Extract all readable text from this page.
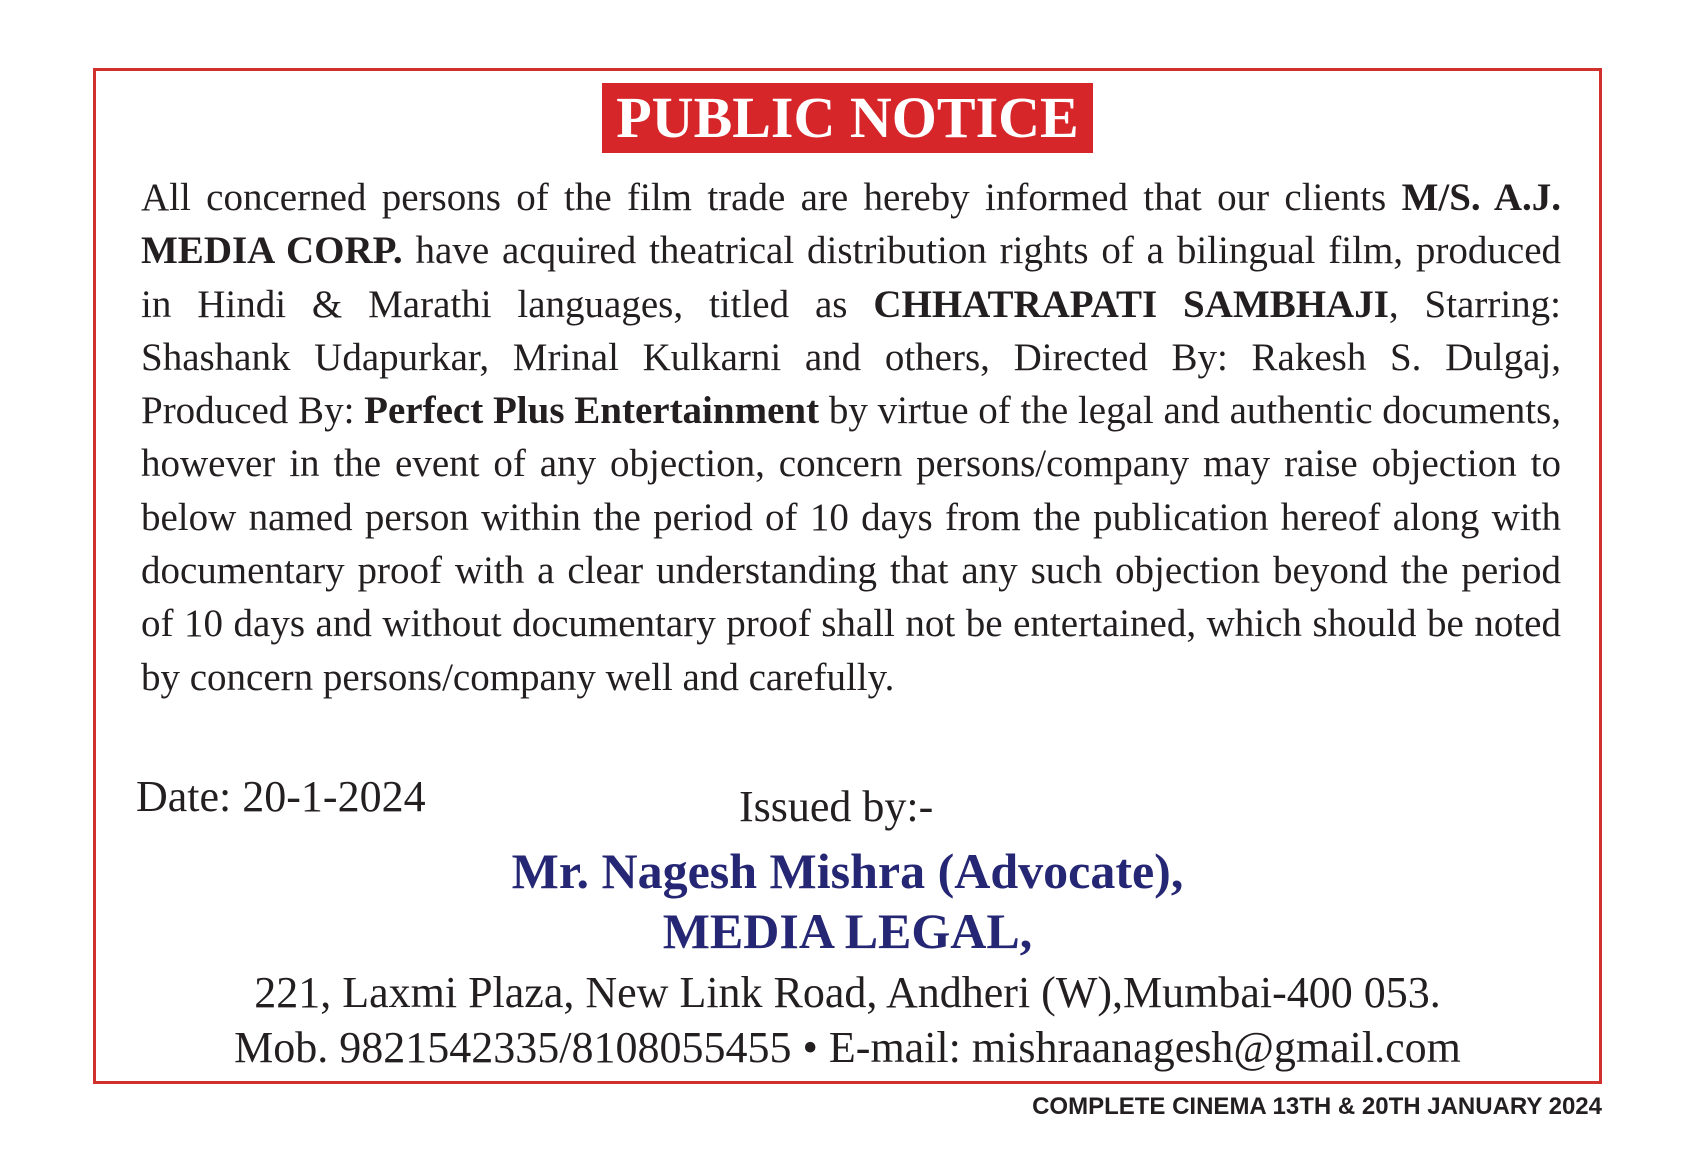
PUBLIC NOTICE
All concerned persons of the film trade are hereby informed that our clients M/S. A.J. MEDIA CORP. have acquired theatrical distribution rights of a bilingual film, produced in Hindi & Marathi languages, titled as CHHATRAPATI SAMBHAJI, Starring: Shashank Udapurkar, Mrinal Kulkarni and others, Directed By: Rakesh S. Dulgaj, Produced By: Perfect Plus Entertainment by virtue of the legal and authentic documents, however in the event of any objection, concern persons/company may raise objection to below named person within the period of 10 days from the publication hereof along with documentary proof with a clear understanding that any such objection beyond the period of 10 days and without documentary proof shall not be entertained, which should be noted by concern persons/company well and carefully.
Date: 20-1-2024	Issued by:-
Mr. Nagesh Mishra (Advocate),
MEDIA LEGAL,
221, Laxmi Plaza, New Link Road, Andheri (W),Mumbai-400 053.
Mob. 9821542335/8108055455 • E-mail: mishraanagesh@gmail.com
COMPLETE CINEMA 13TH & 20TH JANUARY 2024
